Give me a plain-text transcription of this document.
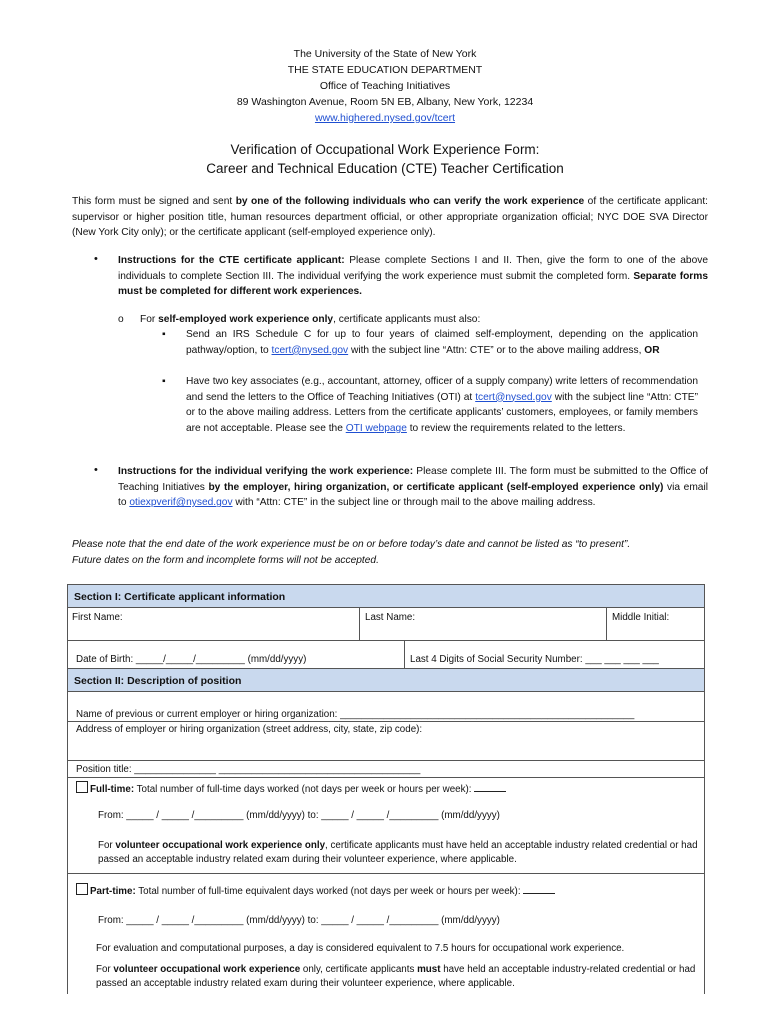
The University of the State of New York
THE STATE EDUCATION DEPARTMENT
Office of Teaching Initiatives
89 Washington Avenue, Room 5N EB, Albany, New York, 12234
www.highered.nysed.gov/tcert
Verification of Occupational Work Experience Form:
Career and Technical Education (CTE) Teacher Certification
This form must be signed and sent by one of the following individuals who can verify the work experience of the certificate applicant: supervisor or higher position title, human resources department official, or other appropriate organization official; NYC DOE SVA Director (New York City only); or the certificate applicant (self-employed experience only).
• Instructions for the CTE certificate applicant: Please complete Sections I and II. Then, give the form to one of the above individuals to complete Section III. The individual verifying the work experience must submit the completed form. Separate forms must be completed for different work experiences.
o For self-employed work experience only, certificate applicants must also:
▪ Send an IRS Schedule C for up to four years of claimed self-employment, depending on the application pathway/option, to tcert@nysed.gov with the subject line “Attn: CTE” or to the above mailing address, OR
▪ Have two key associates (e.g., accountant, attorney, officer of a supply company) write letters of recommendation and send the letters to the Office of Teaching Initiatives (OTI) at tcert@nysed.gov with the subject line “Attn: CTE” or to the above mailing address. Letters from the certificate applicants’ customers, employees, or family members are not acceptable. Please see the OTI webpage to review the requirements related to the letters.
• Instructions for the individual verifying the work experience: Please complete III. The form must be submitted to the Office of Teaching Initiatives by the employer, hiring organization, or certificate applicant (self-employed experience only) via email to otiexpverif@nysed.gov with “Attn: CTE” in the subject line or through mail to the above mailing address.
Please note that the end date of the work experience must be on or before today’s date and cannot be listed as “to present”.
Future dates on the form and incomplete forms will not be accepted.
Section I: Certificate applicant information
First Name:	Last Name:	Middle Initial:
Date of Birth: _____/_____/_________ (mm/dd/yyyy)	Last 4 Digits of Social Security Number: ___ ___ ___ ___
Section II: Description of position
Name of previous or current employer or hiring organization: ______________________________________________________
Address of employer or hiring organization (street address, city, state, zip code):
Position title: _______________ _____________________________________
Full-time: Total number of full-time days worked (not days per week or hours per week):
From: _____ / _____ /_________ (mm/dd/yyyy) to: _____ / _____ /_________ (mm/dd/yyyy)
For volunteer occupational work experience only, certificate applicants must have held an acceptable industry related credential or had passed an acceptable industry related exam during their volunteer experience, where applicable.
Part-time: Total number of full-time equivalent days worked (not days per week or hours per week):
From: _____ / _____ /_________ (mm/dd/yyyy) to: _____ / _____ /_________ (mm/dd/yyyy)
For evaluation and computational purposes, a day is considered equivalent to 7.5 hours for occupational work experience.
For volunteer occupational work experience only, certificate applicants must have held an acceptable industry-related credential or had passed an acceptable industry related exam during their volunteer experience, where applicable.
